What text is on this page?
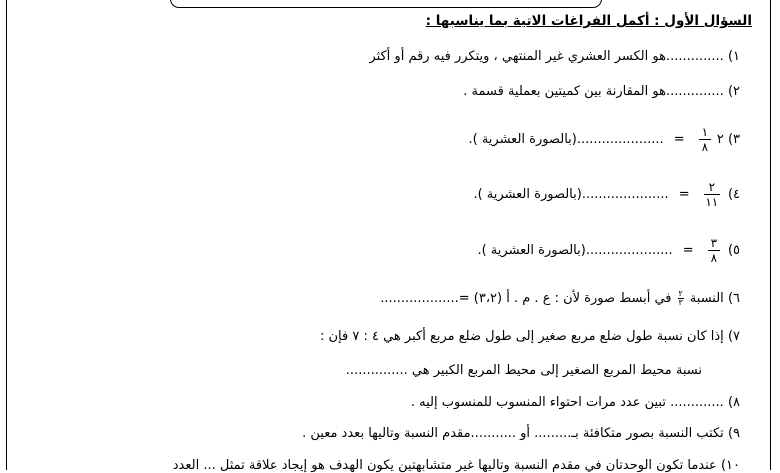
السؤال الأول : أكمل الفراغات الاتية بما يناسبها :
١) ..............هو الكسر العشري غير المنتهي ، ويتكرر فيه رقم أو أكثر
٢) ..............هو المقارنة بين كميتين بعملية قسمة .
٣)
٢
$\frac{١}{٨}$
= .....................(بالصورة العشرية ).
٤)
$\frac{٢}{١١}$
= .....................(بالصورة العشرية ).
٥)
$\frac{٣}{٨}$
= .....................(بالصورة العشرية ).
٦) النسبة
٢
٣
في أبسط صورة لأن : ع . م . أ (٣،٢) =...................
٧) إذا كان نسبة طول ضلع مربع صغير إلى طول ضلع مربع أكبر هي ٤ : ٧ فإن :
نسبة محيط المربع الصغير إلى محيط المربع الكبير هي ...............
٨) ............. تبين عدد مرات احتواء المنسوب للمنسوب إليه .
٩) تكتب النسبة بصور متكافئة بـ......... أو ...........مقدم النسبة وتاليها بعدد معين .
١٠) عندما تكون الوحدتان في مقدم النسبة وتاليها غير متشابهتين يكون الهدف هو إيجاد علاقة تمثل ... العدد
